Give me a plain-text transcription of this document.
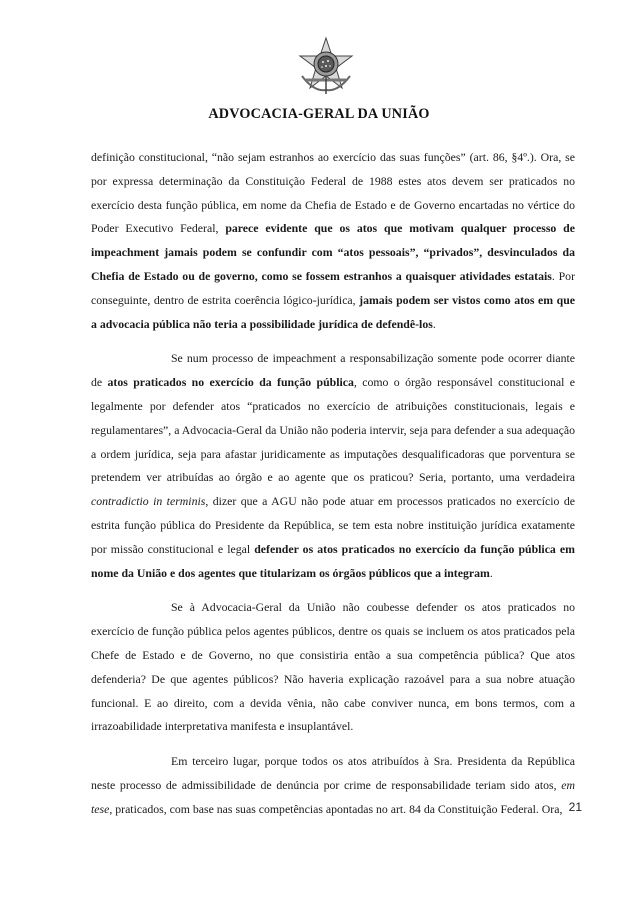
ADVOCACIA-GERAL DA UNIÃO

definição constitucional, “não sejam estranhos ao exercício das suas funções” (art. 86, §4º.). Ora, se por expressa determinação da Constituição Federal de 1988 estes atos devem ser praticados no exercício desta função pública, em nome da Chefia de Estado e de Governo encartadas no vértice do Poder Executivo Federal, parece evidente que os atos que motivam qualquer processo de impeachment jamais podem se confundir com “atos pessoais”, “privados”, desvinculados da Chefia de Estado ou de governo, como se fossem estranhos a quaisquer atividades estatais. Por conseguinte, dentro de estrita coerência lógico-jurídica, jamais podem ser vistos como atos em que a advocacia pública não teria a possibilidade jurídica de defendê-los.

Se num processo de impeachment a responsabilização somente pode ocorrer diante de atos praticados no exercício da função pública, como o órgão responsável constitucional e legalmente por defender atos “praticados no exercício de atribuições constitucionais, legais e regulamentares”, a Advocacia-Geral da União não poderia intervir, seja para defender a sua adequação a ordem jurídica, seja para afastar juridicamente as imputações desqualificadoras que porventura se pretendem ver atribuídas ao órgão e ao agente que os praticou? Seria, portanto, uma verdadeira contradictio in terminis, dizer que a AGU não pode atuar em processos praticados no exercício de estrita função pública do Presidente da República, se tem esta nobre instituição jurídica exatamente por missão constitucional e legal defender os atos praticados no exercício da função pública em nome da União e dos agentes que titularizam os órgãos públicos que a integram.

Se à Advocacia-Geral da União não coubesse defender os atos praticados no exercício de função pública pelos agentes públicos, dentre os quais se incluem os atos praticados pela Chefe de Estado e de Governo, no que consistiria então a sua competência pública? Que atos defenderia? De que agentes públicos? Não haveria explicação razoável para a sua nobre atuação funcional. E ao direito, com a devida vênia, não cabe conviver nunca, em bons termos, com a irrazoabilidade interpretativa manifesta e insuplantável.

Em terceiro lugar, porque todos os atos atribuídos à Sra. Presidenta da República neste processo de admissibilidade de denúncia por crime de responsabilidade teriam sido atos, em tese, praticados, com base nas suas competências apontadas no art. 84 da Constituição Federal. Ora, 21
